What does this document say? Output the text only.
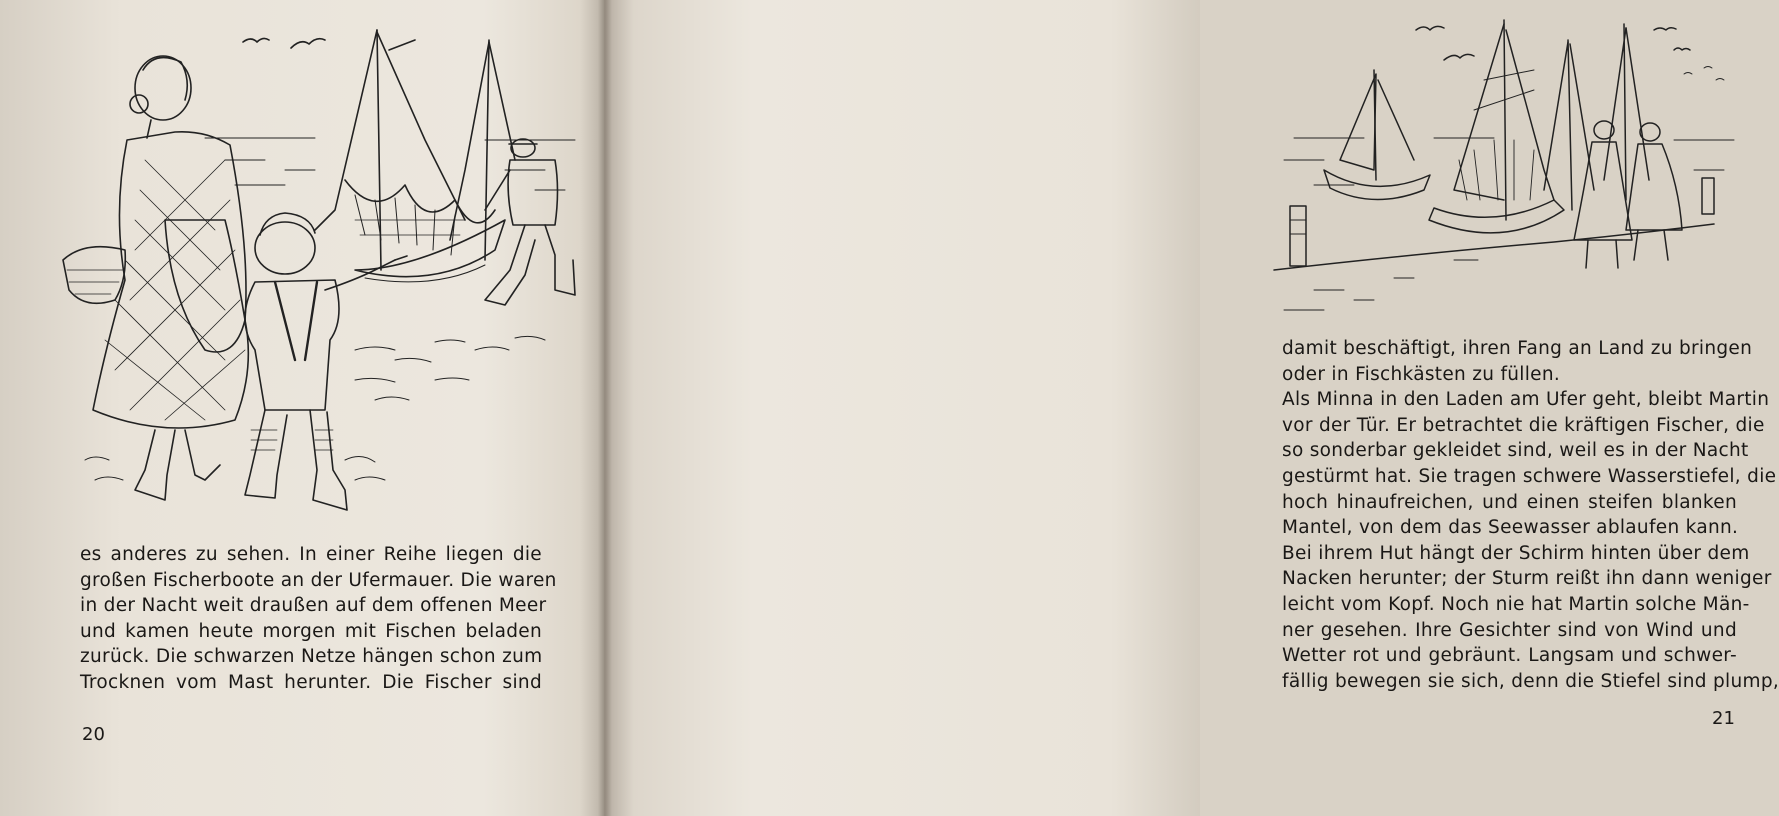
es anderes zu sehen. In einer Reihe liegen die
großen Fischerboote an der Ufermauer. Die waren
in der Nacht weit draußen auf dem offenen Meer
und kamen heute morgen mit Fischen beladen
zurück. Die schwarzen Netze hängen schon zum
Trocknen vom Mast herunter. Die Fischer sind
20
damit beschäftigt, ihren Fang an Land zu bringen
oder in Fischkästen zu füllen.
Als Minna in den Laden am Ufer geht, bleibt Martin
vor der Tür. Er betrachtet die kräftigen Fischer, die
so sonderbar gekleidet sind, weil es in der Nacht
gestürmt hat. Sie tragen schwere Wasserstiefel, die
hoch hinaufreichen, und einen steifen blanken
Mantel, von dem das Seewasser ablaufen kann.
Bei ihrem Hut hängt der Schirm hinten über dem
Nacken herunter; der Sturm reißt ihn dann weniger
leicht vom Kopf. Noch nie hat Martin solche Män-
ner gesehen. Ihre Gesichter sind von Wind und
Wetter rot und gebräunt. Langsam und schwer-
fällig bewegen sie sich, denn die Stiefel sind plump,
21
